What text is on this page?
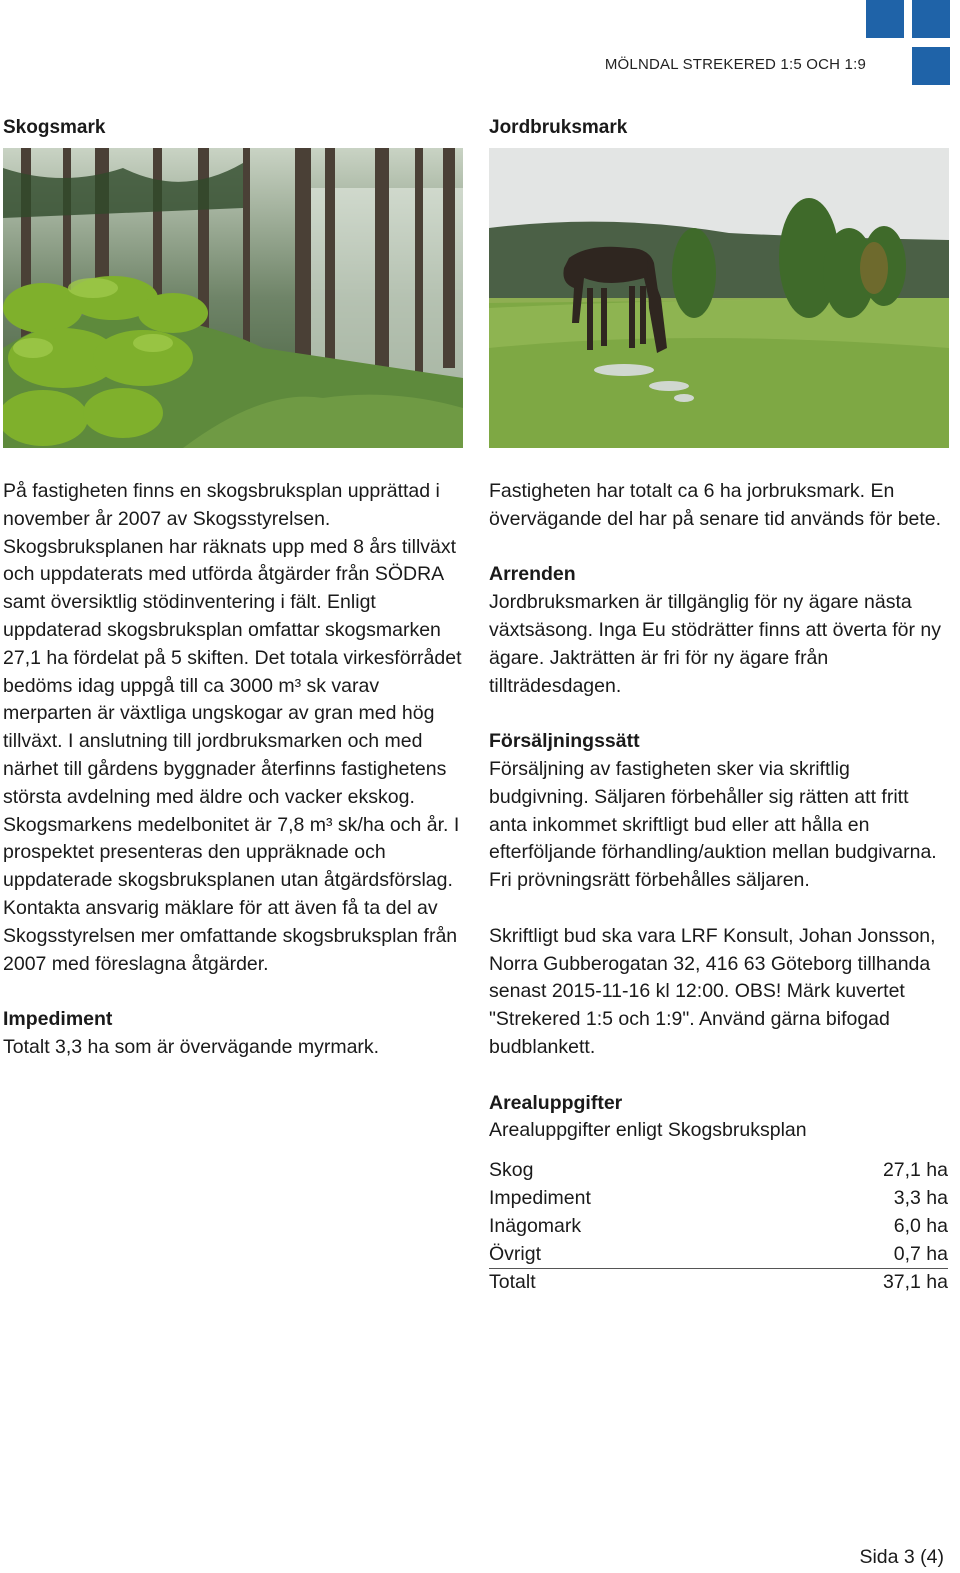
MÖLNDAL STREKERED 1:5 OCH 1:9
Skogsmark

På fastigheten finns en skogsbruksplan upprättad i november år 2007 av Skogsstyrelsen. Skogsbruksplanen har räknats upp med 8 års tillväxt och uppdaterats med utförda åtgärder från SÖDRA samt översiktlig stödinventering i fält. Enligt uppdaterad skogsbruksplan omfattar skogsmarken 27,1 ha fördelat på 5 skiften. Det totala virkesförrådet bedöms idag uppgå till ca 3000 m³ sk varav merparten är växtliga ungskogar av gran med hög tillväxt. I anslutning till jordbruksmarken och med närhet till gårdens byggnader återfinns fastighetens största avdelning med äldre och vacker ekskog. Skogsmarkens medelbonitet är 7,8 m³ sk/ha och år. I prospektet presenteras den uppräknade och uppdaterade skogsbruksplanen utan åtgärdsförslag. Kontakta ansvarig mäklare för att även få ta del av Skogsstyrelsen mer omfattande skogsbruksplan från 2007 med föreslagna åtgärder.

Impediment

Totalt 3,3 ha som är övervägande myrmark.

Jordbruksmark

Fastigheten har totalt ca 6 ha jorbruksmark. En övervägande del har på senare tid används för bete.

Arrenden

Jordbruksmarken är tillgänglig för ny ägare nästa växtsäsong. Inga Eu stödrätter finns att överta för ny ägare. Jakträtten är fri för ny ägare från tillträdesdagen.

Försäljningssätt

Försäljning av fastigheten sker via skriftlig budgivning. Säljaren förbehåller sig rätten att fritt anta inkommet skriftligt bud eller att hålla en efterföljande förhandling/auktion mellan budgivarna. Fri prövningsrätt förbehålles säljaren.

Skriftligt bud ska vara LRF Konsult, Johan Jonsson, Norra Gubberogatan 32, 416 63 Göteborg tillhanda senast 2015-11-16 kl 12:00. OBS! Märk kuvertet "Strekered 1:5 och 1:9". Använd gärna bifogad budblankett.

Arealuppgifter

Arealuppgifter enligt Skogsbruksplan

Skog	27,1 ha
Impediment	3,3 ha
Inägomark	6,0 ha
Övrigt	0,7 ha
Totalt	37,1 ha
Sida 3 (4)
